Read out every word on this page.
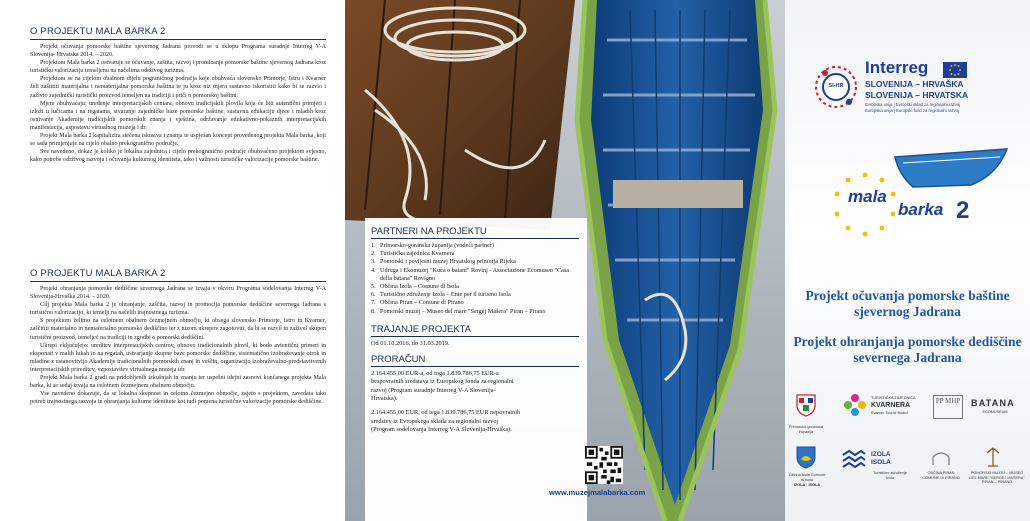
O PROJEKTU MALA BARKA 2

Projekt očuvanja pomorske baštine sjevernog Jadrana provodi se u sklopu Programa suradnje Interreg V-A Slovenija- Hrvatska 2014. – 2020.

Projektom Mala barka 2 ostvaruje se očuvanje, zaštita, razvoj i promicanje pomorske baštine sjevernog Jadrana kroz turističku valorizaciju temeljenu na načelima održivog turizma.

Projektom se na cijelom obalnom dijelu pograničnog područja koje obuhvaća slovensko Primorje, Istru i Kvarner želi zaštititi materijalna i nematerijalna pomorska baština te ju kroz niz mjera sustavno iskoristiti kako bi se razvio i zaživio zajednički turistički proizvod temeljen na tradiciji i priči o pomorskoj baštini.

Mjere obuhvaćaju: uređenje interpretacijskih centara, obnovu tradicijskih plovila koja će biti autentični primjeri i izloži u lučicama i na regatama, stvaranje zajedničke baze pomorske baštine, sustavnu edukaciju djece i mladih kroz osnivanje Akademije tradicijskih pomorskih znanja i vještina, održavanje edukativno-pokaznih interpretacijskih manifestacija, uspostavu virtualnog muzeja i dr.

Projekt Mala barka 2 kapitalizira stečena iskustva i znanja te uspješan koncept provedenog projekta Mala barka, koji se sada primjenjuje na cijelo obalno prekogranično područje.

Sve navedeno, dokaz je koliko je lokalna zajednica i cijelo prekogranično područje obuhvaćeno projektom svjesno, kako potrebe održivog razvoja i očuvanja kulturnog identiteta, tako i važnosti turističke valorizacije pomorske baštine.

O PROJEKTU MALA BARKA 2

Projekt ohranjanja pomorske dediščine severnega Jadrana se izvaja v okviru Programa sodelovanja Interreg V-A Slovenija-Hrvaška 2014. – 2020.

Cilj projekta Mala barka 2 je ohranjanje, zaščita, razvoj in promocija pomorske dediščine severnega Jadrana s turistično valorizacijo, ki temelji na načelih trajnostnega turizma.

S projektom želimo na celotnem obalnem čezmejnem območju, ki obsega slovensko Primorje, Istro in Kvarner, zaščititi materialno in nematerialno pomorsko dediščino ter z nizom ukrepov zagotoviti, da bi se razvil in zaživel skupen turistični proizvod, temelječ na tradiciji in zgodbi o pomorski dediščini.

Ukrepi vključujejo: ureditev interpretacijskih centrov, obnovo tradicionalnih plovil, ki bodo avtentični primeri in eksponati v malih lukah in na regatah, ustvarjanje skupne baze pomorske dediščine, sistematično izobraževanje otrok in mladine z ustanovitvijo Akademije tradicionalnih pomorskih znanj in veščin, organizacijo izobraževalno-predstavitvenih interpretacijskih prireditev, vzpostavitev virtualnega muzeja idr.

Projekt Mala barka 2 gradi na pridobljenih izkušnjah in znanju ter uspešni idejni zasnovi končanega projekta Mala barka, ki se sedaj izvaja na celotnem čezmejnem obalnem območju.

Vse navedeno dokazuje, da se lokalna skupnost in celotno čezmejno območje, zajeto s projektom, zavedata tako potreb trajnostnega razvoja in ohranjanja kulturne identitete kot tudi pomena turistične valorizacije pomorske dediščine.

PARTNERI NA PROJEKTU
1. Primorsko-goranska županija (vodeći partner)
2. Turistička zajednica Kvarnera
3. Pomorski i povijesni muzej Hrvatskog primorja Rijeka
4. Udruga i Ekomuzej "Kuća o batani" Rovinj - Associazione Ecomuseo "Casa della batana" Rovigno
5. Občina Izola – Comune di Isola
6. Turistično združenje Izola – Ente per il turismo Isola
7. Občina Piran – Comune di Pirano
8. Pomorski muzej – Museo del mare "Sergej Mašera" Piran – Pirano
TRAJANJE PROJEKTA

Od 01.10.2016. do 31.03.2019.

PRORAČUN

2.164.455,00 EUR-a, od toga 1.839.786,75 EUR-a bespovratnih sredstava iz Europskog fonda za regionalni razvoj (Program suradnje Interreg V-A Slovenija-Hrvatska).

2.164.455,00 EUR, od tega 1.839.786,75 EUR nepovratnih sredstev iz Evropskega sklada za regionalni razvoj (Program sodelovanja Interreg V-A Slovenija-Hrvaška).

www.muzejmalabarka.com
SI-HR
Interreg
SLOVENIJA – HRVAŠKA
SLOVENIJA – HRVATSKA
Evropska unija | Evropski sklad za regionalni razvoj
Europska unija | Europski fond za regionalni razvoj
mala
barka 2
Projekt očuvanja pomorske baštine sjevernog Jadrana
Projekt ohranjanja pomorske dediščine severnega Jadrana
Primorsko-goranska županija
TURISTIČKA ZAJEDNICA
KVARNERA
Kvarner Tourist Board
PP MHP	BATANA
ECOMUSEUM
Občina Izola Comune di Isola
IZOLA · ISOLA
IZOLA ISOLA
Turistično združenje Izola
OBČINA PIRAN COMUNE DI PIRANO
POMORSKI MUZEJ – MUSEO DEL MARE "SERGEJ MAŠERA" PIRAN – PIRANO
